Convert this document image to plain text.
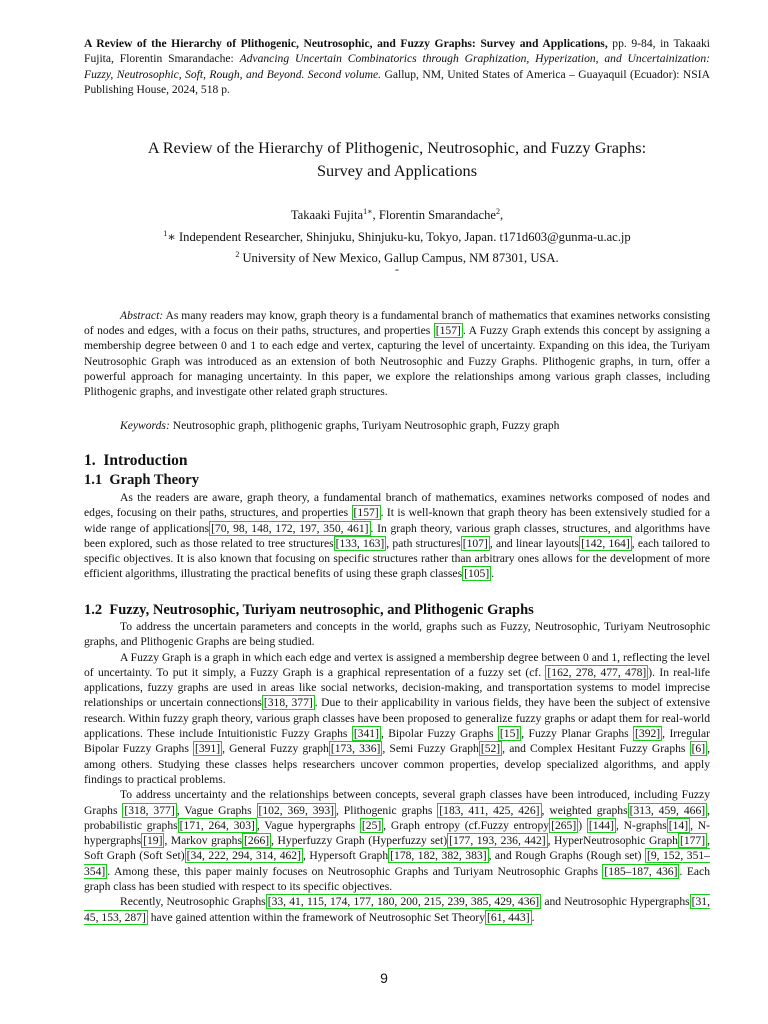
A Review of the Hierarchy of Plithogenic, Neutrosophic, and Fuzzy Graphs: Survey and Applications, pp. 9-84, in Takaaki Fujita, Florentin Smarandache: Advancing Uncertain Combinatorics through Graphization, Hyperization, and Uncertainization: Fuzzy, Neutrosophic, Soft, Rough, and Beyond. Second volume. Gallup, NM, United States of America – Guayaquil (Ecuador): NSIA Publishing House, 2024, 518 p.

A Review of the Hierarchy of Plithogenic, Neutrosophic, and Fuzzy Graphs:
Survey and Applications
Takaaki Fujita$^{1∗}$, Florentin Smarandache$^2$,
$^1$∗ Independent Researcher, Shinjuku, Shinjuku-ku, Tokyo, Japan. t171d603@gunma-u.ac.jp
$^2$ University of New Mexico, Gallup Campus, NM 87301, USA.
-

Abstract: As many readers may know, graph theory is a fundamental branch of mathematics that examines networks consisting of nodes and edges, with a focus on their paths, structures, and properties [157] . A Fuzzy Graph extends this concept by assigning a membership degree between 0 and 1 to each edge and vertex, capturing the level of uncertainty. Expanding on this idea, the Turiyam Neutrosophic Graph was introduced as an extension of both Neutrosophic and Fuzzy Graphs. Plithogenic graphs, in turn, offer a powerful approach for managing uncertainty. In this paper, we explore the relationships among various graph classes, including Plithogenic graphs, and investigate other related graph structures.

Keywords: Neutrosophic graph, plithogenic graphs, Turiyam Neutrosophic graph, Fuzzy graph

1. Introduction
1.1 Graph Theory

As the readers are aware, graph theory, a fundamental branch of mathematics, examines networks composed of nodes and edges, focusing on their paths, structures, and properties [157] . It is well-known that graph theory has been extensively studied for a wide range of applications [70, 98, 148, 172, 197, 350, 461] . In graph theory, various graph classes, structures, and algorithms have been explored, such as those related to tree structures [133, 163] , path structures [107] , and linear layouts [142, 164] , each tailored to specific objectives. It is also known that focusing on specific structures rather than arbitrary ones allows for the development of more efficient algorithms, illustrating the practical benefits of using these graph classes [105] .

1.2 Fuzzy, Neutrosophic, Turiyam neutrosophic, and Plithogenic Graphs

To address the uncertain parameters and concepts in the world, graphs such as Fuzzy, Neutrosophic, Turiyam Neutrosophic graphs, and Plithogenic Graphs are being studied.

A Fuzzy Graph is a graph in which each edge and vertex is assigned a membership degree between 0 and 1, reflecting the level of uncertainty. To put it simply, a Fuzzy Graph is a graphical representation of a fuzzy set (cf. [162, 278, 477, 478] ). In real-life applications, fuzzy graphs are used in areas like social networks, decision-making, and transportation systems to model imprecise relationships or uncertain connections [318, 377] . Due to their applicability in various fields, they have been the subject of extensive research. Within fuzzy graph theory, various graph classes have been proposed to generalize fuzzy graphs or adapt them for real-world applications. These include Intuitionistic Fuzzy Graphs [341] , Bipolar Fuzzy Graphs [15] , Fuzzy Planar Graphs [392] , Irregular Bipolar Fuzzy Graphs [391] , General Fuzzy graph [173, 336] , Semi Fuzzy Graph [52] , and Complex Hesitant Fuzzy Graphs [6] , among others. Studying these classes helps researchers uncover common properties, develop specialized algorithms, and apply findings to practical problems.

To address uncertainty and the relationships between concepts, several graph classes have been introduced, including Fuzzy Graphs [318, 377] , Vague Graphs [102, 369, 393] , Plithogenic graphs [183, 411, 425, 426] , weighted graphs [313, 459, 466] , probabilistic graphs [171, 264, 303] , Vague hypergraphs [25] , Graph entropy (cf.Fuzzy entropy [265] ) [144] , N-graphs [14] , N-hypergraphs [19] , Markov graphs [266] , Hyperfuzzy Graph (Hyperfuzzy set) [177, 193, 236, 442] , HyperNeutrosophic Graph [177] , Soft Graph (Soft Set) [34, 222, 294, 314, 462] , Hypersoft Graph [178, 182, 382, 383] , and Rough Graphs (Rough set) [9, 152, 351–354] . Among these, this paper mainly focuses on Neutrosophic Graphs and Turiyam Neutrosophic Graphs [185–187, 436] . Each graph class has been studied with respect to its specific objectives.

Recently, Neutrosophic Graphs [33, 41, 115, 174, 177, 180, 200, 215, 239, 385, 429, 436] and Neutrosophic Hypergraphs [31, 45, 153, 287] have gained attention within the framework of Neutrosophic Set Theory [61, 443] .

9
